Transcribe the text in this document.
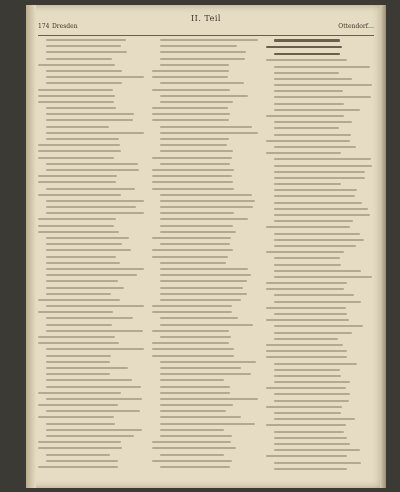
II. Teil
174 Dresden	Ottendorf…
